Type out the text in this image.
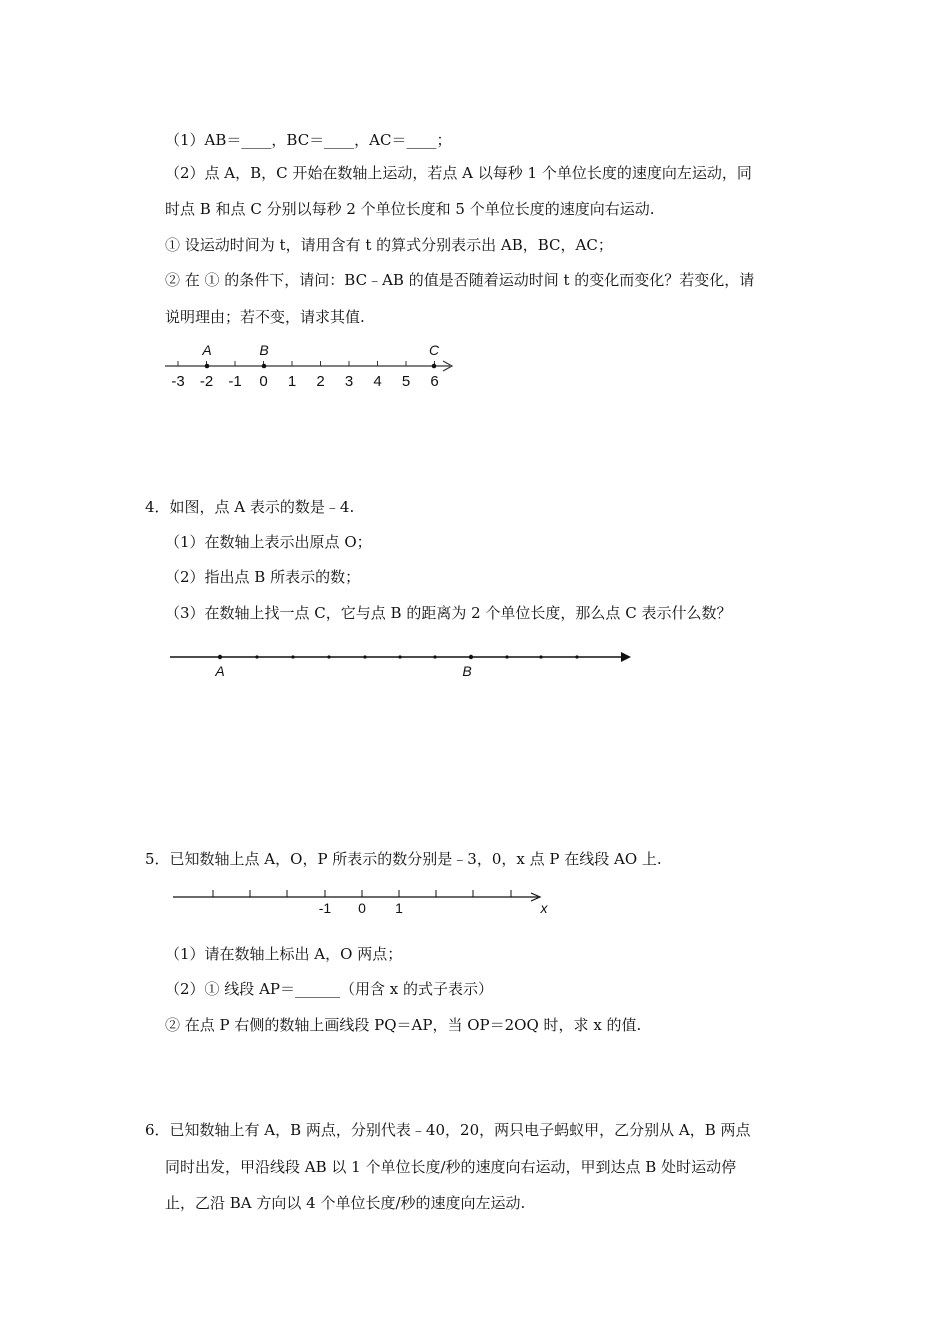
（1）AB＝____，BC＝____，AC＝____；
（2）点 A，B，C 开始在数轴上运动，若点 A 以每秒 1 个单位长度的速度向左运动，同
时点 B 和点 C 分别以每秒 2 个单位长度和 5 个单位长度的速度向右运动.
① 设运动时间为 t，请用含有 t 的算式分别表示出 AB，BC，AC；
② 在 ① 的条件下，请问：BC﹣AB 的值是否随着运动时间 t 的变化而变化？若变化，请
说明理由；若不变，请求其值.
-3 -2 -1 0 1 2 3 4 5 6
A	B	C
4．如图，点 A 表示的数是﹣4.
（1）在数轴上表示出原点 O；
（2）指出点 B 所表示的数；
（3）在数轴上找一点 C，它与点 B 的距离为 2 个单位长度，那么点 C 表示什么数？
A	B
5．已知数轴上点 A，O，P 所表示的数分别是﹣3，0，x 点 P 在线段 AO 上.
-1 0 1	x
（1）请在数轴上标出 A，O 两点；
（2）① 线段 AP＝______（用含 x 的式子表示）
② 在点 P 右侧的数轴上画线段 PQ＝AP，当 OP＝2OQ 时，求 x 的值.
6．已知数轴上有 A，B 两点，分别代表﹣40，20，两只电子蚂蚁甲，乙分别从 A，B 两点
同时出发，甲沿线段 AB 以 1 个单位长度/秒的速度向右运动，甲到达点 B 处时运动停
止，乙沿 BA 方向以 4 个单位长度/秒的速度向左运动.
